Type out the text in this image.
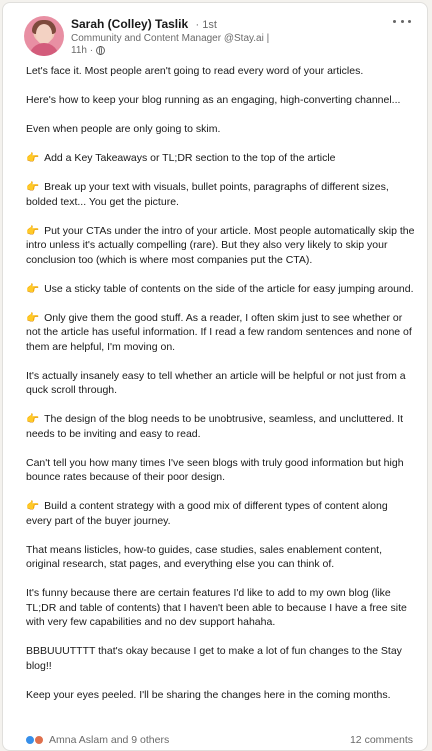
Sarah (Colley) Taslik · 1st
Community and Content Manager @Stay.ai |
11h ·

Let's face it. Most people aren't going to read every word of your articles.

Here's how to keep your blog running as an engaging, high-converting channel...

Even when people are only going to skim.

👉 Add a Key Takeaways or TL;DR section to the top of the article

👉 Break up your text with visuals, bullet points, paragraphs of different sizes, bolded text... You get the picture.

👉 Put your CTAs under the intro of your article. Most people automatically skip the intro unless it's actually compelling (rare). But they also very likely to skip your conclusion too (which is where most companies put the CTA).

👉 Use a sticky table of contents on the side of the article for easy jumping around.

👉 Only give them the good stuff. As a reader, I often skim just to see whether or not the article has useful information. If I read a few random sentences and none of them are helpful, I'm moving on.

It's actually insanely easy to tell whether an article will be helpful or not just from a quck scroll through.

👉 The design of the blog needs to be unobtrusive, seamless, and uncluttered. It needs to be inviting and easy to read.

Can't tell you how many times I've seen blogs with truly good information but high bounce rates because of their poor design.

👉 Build a content strategy with a good mix of different types of content along every part of the buyer journey.

That means listicles, how-to guides, case studies, sales enablement content, original research, stat pages, and everything else you can think of.

It's funny because there are certain features I'd like to add to my own blog (like TL;DR and table of contents) that I haven't been able to because I have a free site with very few capabilities and no dev support hahaha.

BBBUUUTTTT that's okay because I get to make a lot of fun changes to the Stay blog!!

Keep your eyes peeled. I'll be sharing the changes here in the coming months.

Amna Aslam and 9 others	12 comments
